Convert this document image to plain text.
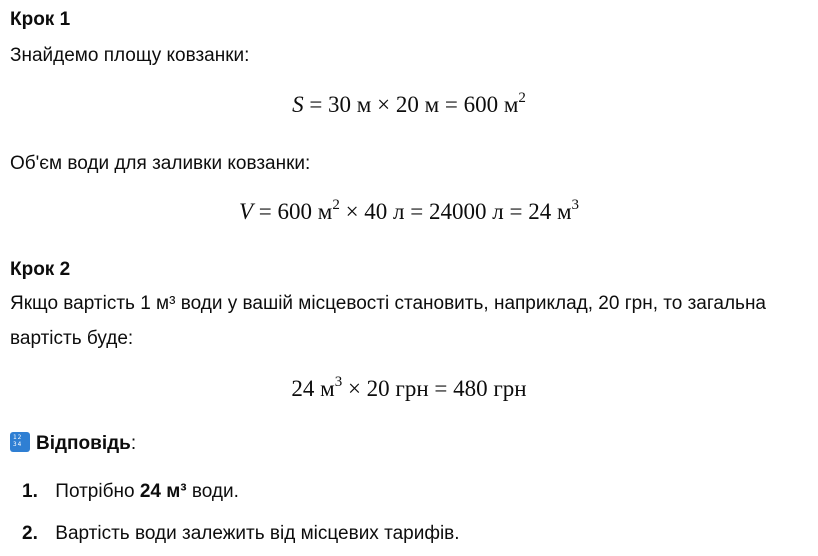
Крок 1
Знайдемо площу ковзанки:
S = 30 м × 20 м = 600 $м^2$
Об'єм води для заливки ковзанки:
V = 600 $м^2 \times 40$ л = 24000 л = 24 $м^3$
Крок 2
Якщо вартість 1 м³ води у вашій місцевості становить, наприклад, 20 грн, то загальна
вартість буде:
24 $м^3 \times 20$ грн = 480 грн
12
34 Відповідь:
1. Потрібно 24 м³ води.
2. Вартість води залежить від місцевих тарифів.
